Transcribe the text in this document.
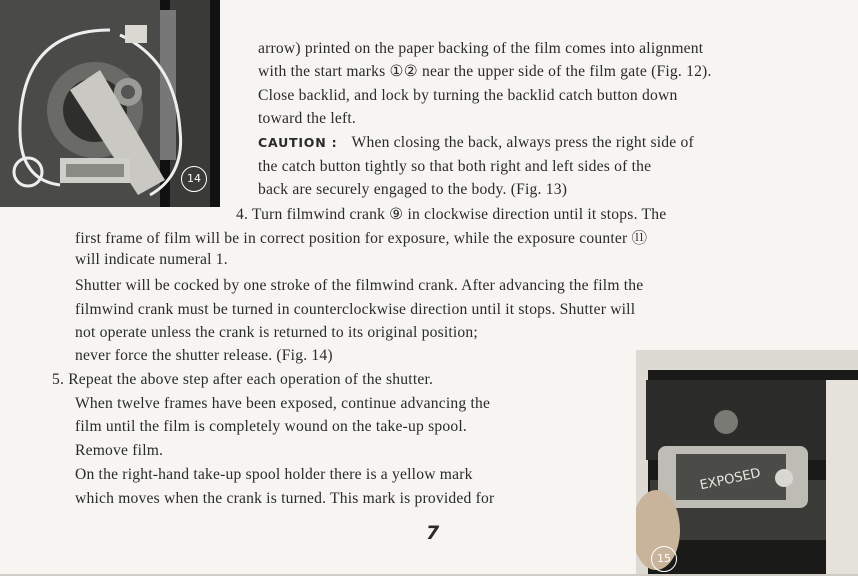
14
EXPOSED
15
arrow) printed on the paper backing of the film comes into alignment
with the start marks ①② near the upper side of the film gate (Fig. 12).
Close backlid, and lock by turning the backlid catch button down
toward the left.
CAUTION : When closing the back, always press the right side of
the catch button tightly so that both right and left sides of the
back are securely engaged to the body. (Fig. 13)
4. Turn filmwind crank ⑨ in clockwise direction until it stops. The
first frame of film will be in correct position for exposure, while the exposure counter ⑪
will indicate numeral 1.
Shutter will be cocked by one stroke of the filmwind crank. After advancing the film the
filmwind crank must be turned in counterclockwise direction until it stops. Shutter will
not operate unless the crank is returned to its original position;
never force the shutter release. (Fig. 14)
5. Repeat the above step after each operation of the shutter.
When twelve frames have been exposed, continue advancing the
film until the film is completely wound on the take-up spool.
Remove film.
On the right-hand take-up spool holder there is a yellow mark
which moves when the crank is turned. This mark is provided for
7
